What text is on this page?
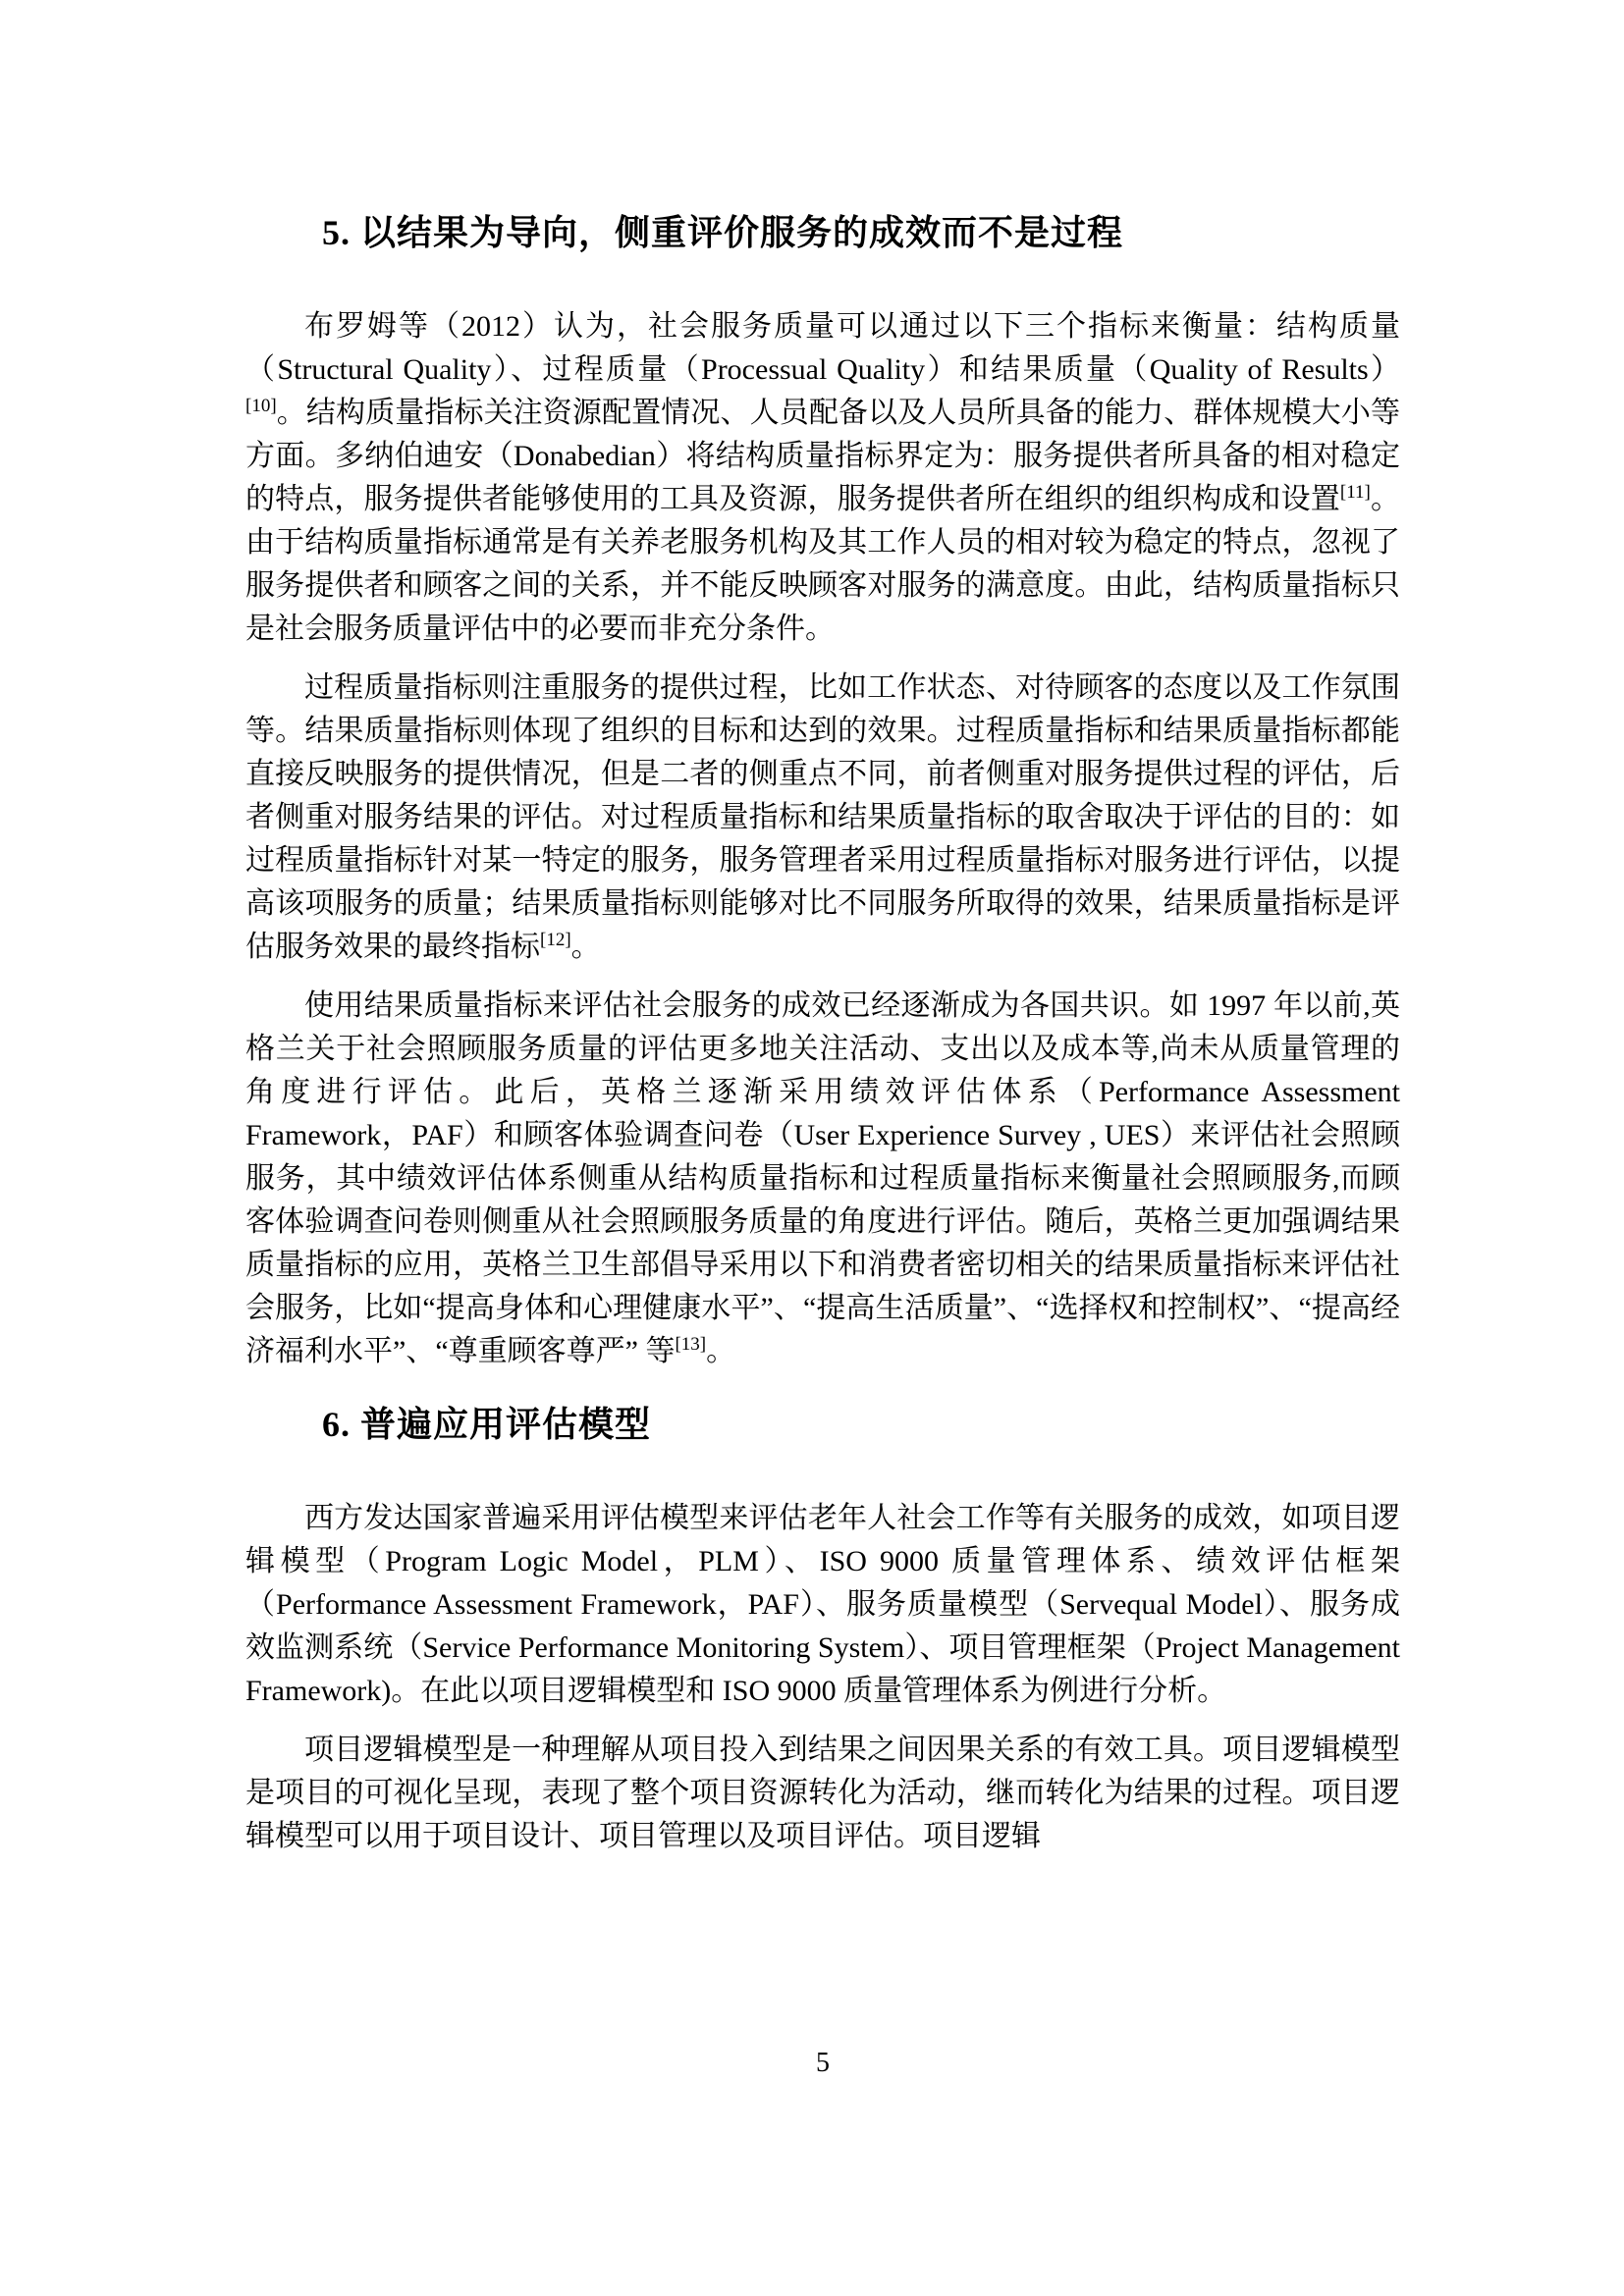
5. 以结果为导向，侧重评价服务的成效而不是过程

布罗姆等（2012）认为，社会服务质量可以通过以下三个指标来衡量：结构质量（Structural Quality）、过程质量（Processual Quality）和结果质量（Quality of Results）[10]。结构质量指标关注资源配置情况、人员配备以及人员所具备的能力、群体规模大小等方面。多纳伯迪安（Donabedian）将结构质量指标界定为：服务提供者所具备的相对稳定的特点，服务提供者能够使用的工具及资源，服务提供者所在组织的组织构成和设置[11]。由于结构质量指标通常是有关养老服务机构及其工作人员的相对较为稳定的特点，忽视了服务提供者和顾客之间的关系，并不能反映顾客对服务的满意度。由此，结构质量指标只是社会服务质量评估中的必要而非充分条件。

过程质量指标则注重服务的提供过程，比如工作状态、对待顾客的态度以及工作氛围等。结果质量指标则体现了组织的目标和达到的效果。过程质量指标和结果质量指标都能直接反映服务的提供情况，但是二者的侧重点不同，前者侧重对服务提供过程的评估，后者侧重对服务结果的评估。对过程质量指标和结果质量指标的取舍取决于评估的目的：如过程质量指标针对某一特定的服务，服务管理者采用过程质量指标对服务进行评估，以提高该项服务的质量；结果质量指标则能够对比不同服务所取得的效果，结果质量指标是评估服务效果的最终指标[12]。

使用结果质量指标来评估社会服务的成效已经逐渐成为各国共识。如 1997 年以前,英格兰关于社会照顾服务质量的评估更多地关注活动、支出以及成本等,尚未从质量管理的角度进行评估。此后，英格兰逐渐采用绩效评估体系（Performance Assessment Framework，PAF）和顾客体验调查问卷（User Experience Survey , UES）来评估社会照顾服务，其中绩效评估体系侧重从结构质量指标和过程质量指标来衡量社会照顾服务,而顾客体验调查问卷则侧重从社会照顾服务质量的角度进行评估。随后，英格兰更加强调结果质量指标的应用，英格兰卫生部倡导采用以下和消费者密切相关的结果质量指标来评估社会服务，比如“提高身体和心理健康水平”、“提高生活质量”、“选择权和控制权”、“提高经济福利水平”、“尊重顾客尊严” 等[13]。

6. 普遍应用评估模型

西方发达国家普遍采用评估模型来评估老年人社会工作等有关服务的成效，如项目逻辑模型（Program Logic Model，PLM）、ISO 9000 质量管理体系、绩效评估框架（Performance Assessment Framework，PAF）、服务质量模型（Servequal Model）、服务成效监测系统（Service Performance Monitoring System）、项目管理框架（Project Management Framework)。在此以项目逻辑模型和 ISO 9000 质量管理体系为例进行分析。

项目逻辑模型是一种理解从项目投入到结果之间因果关系的有效工具。项目逻辑模型是项目的可视化呈现，表现了整个项目资源转化为活动，继而转化为结果的过程。项目逻辑模型可以用于项目设计、项目管理以及项目评估。项目逻辑

5
